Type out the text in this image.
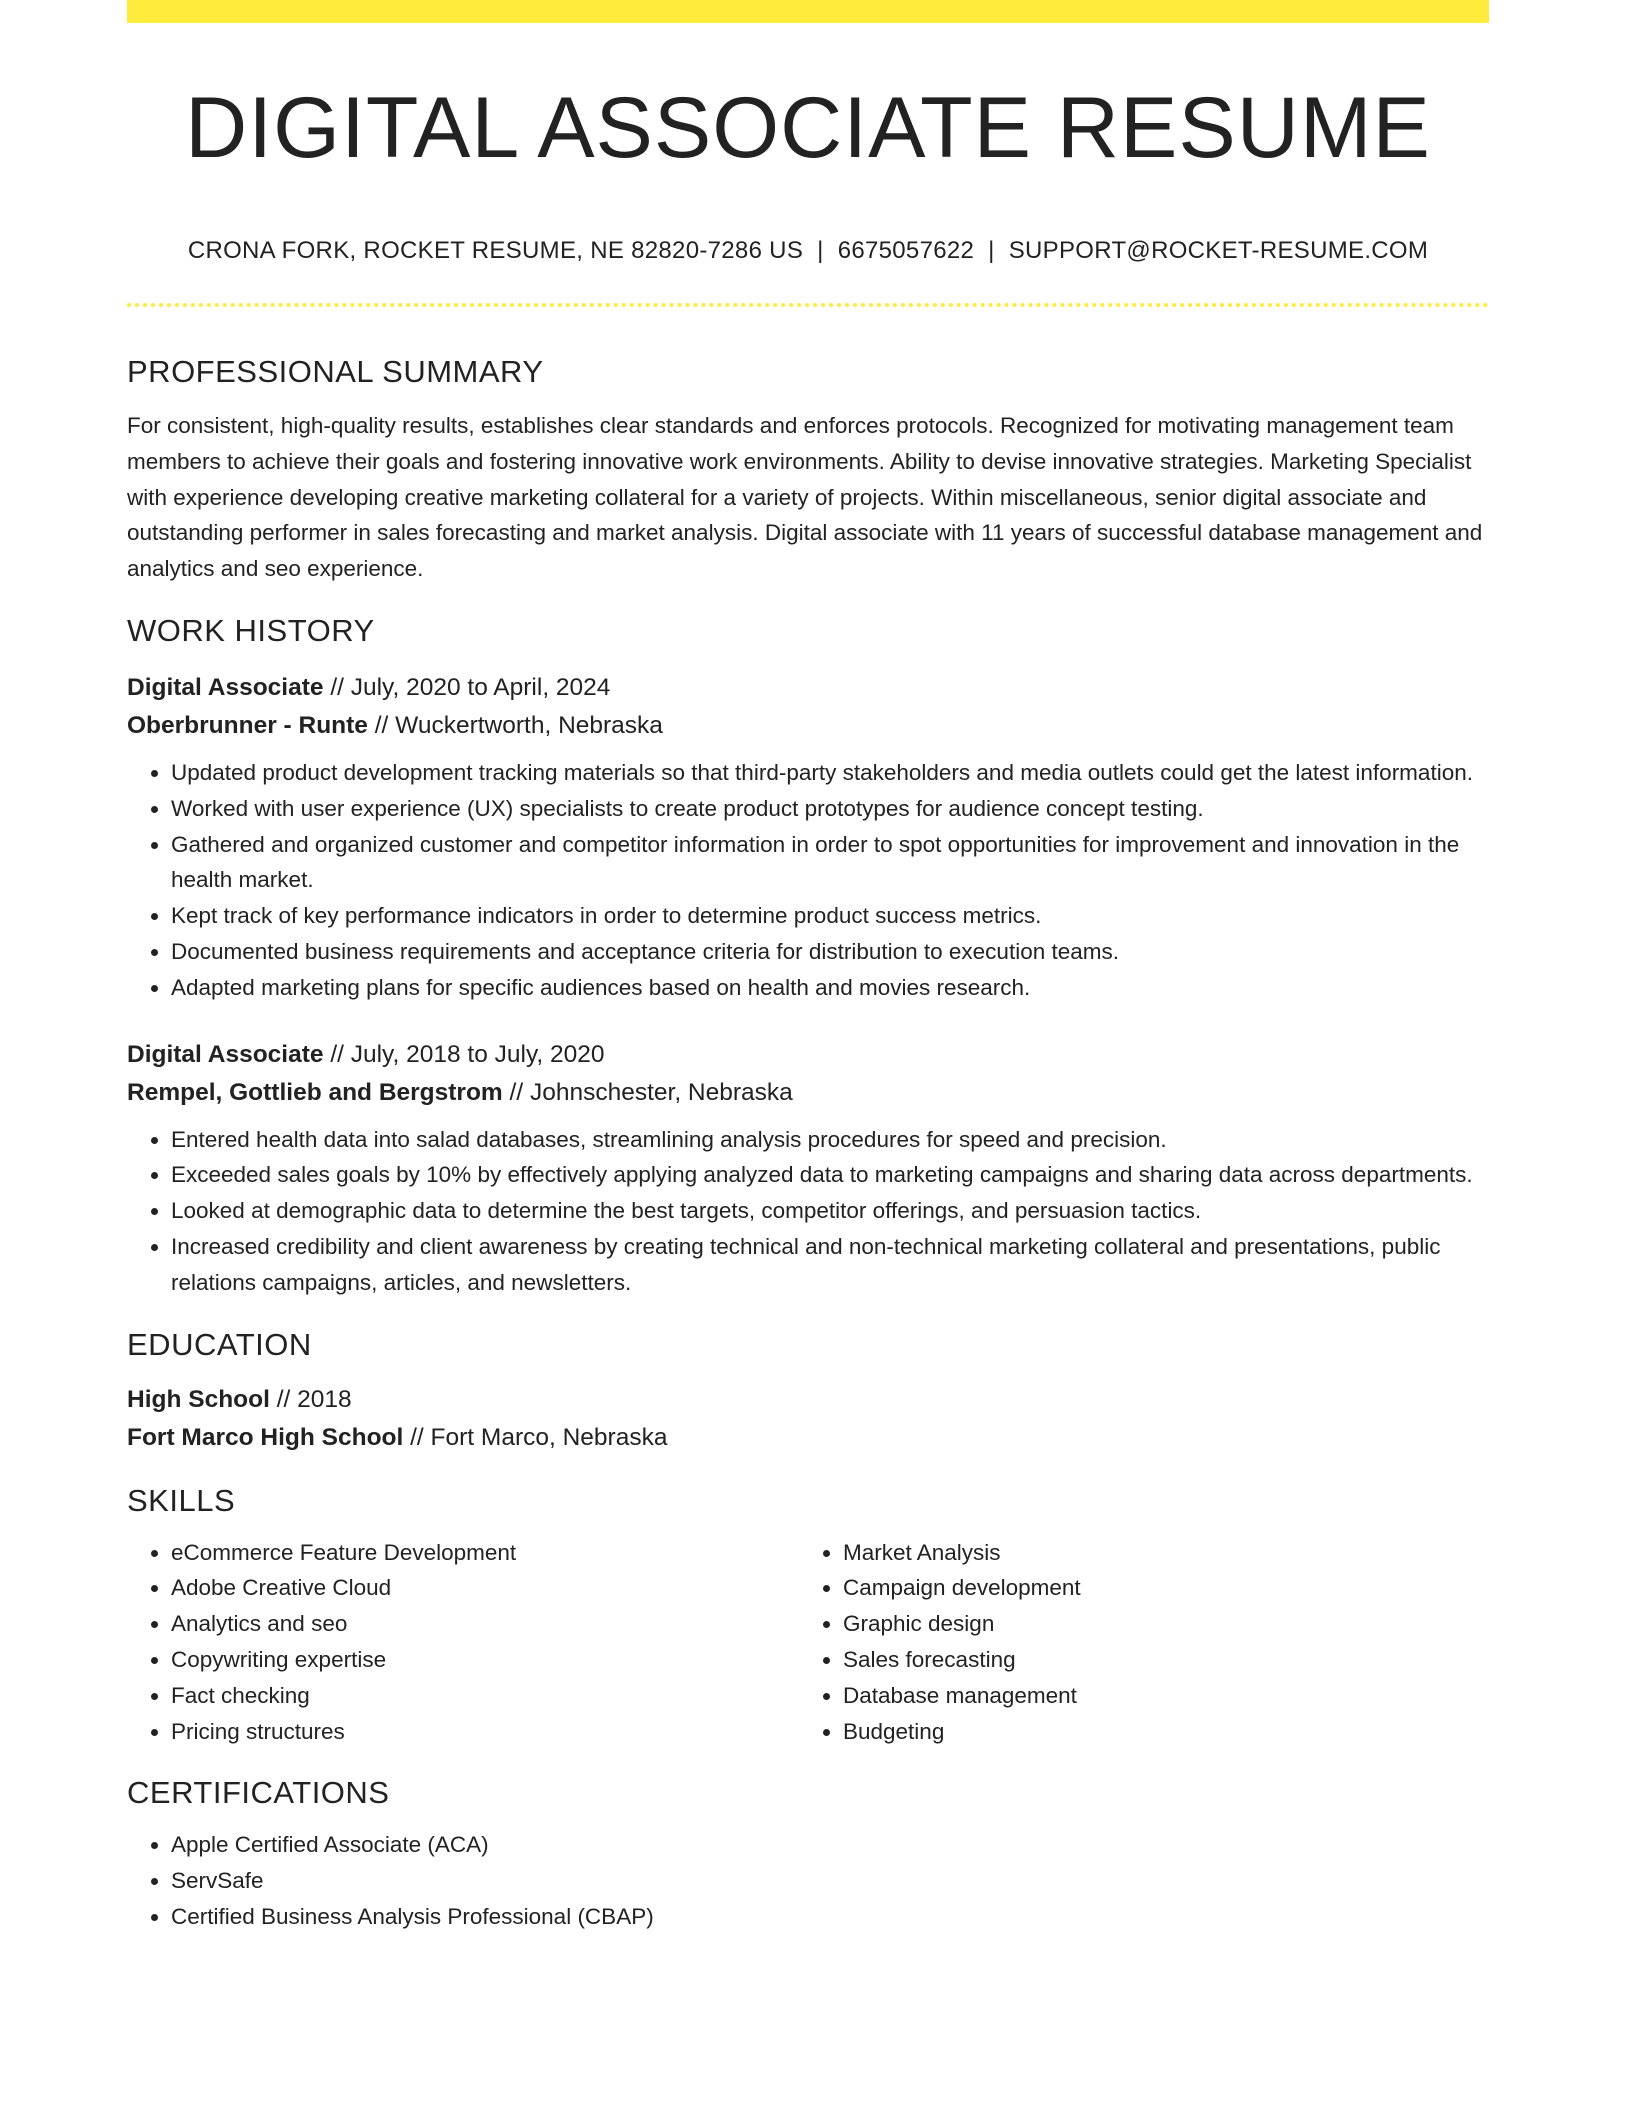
DIGITAL ASSOCIATE RESUME
CRONA FORK, ROCKET RESUME, NE 82820-7286 US | 6675057622 | SUPPORT@ROCKET-RESUME.COM
PROFESSIONAL SUMMARY

For consistent, high-quality results, establishes clear standards and enforces protocols. Recognized for motivating management team members to achieve their goals and fostering innovative work environments. Ability to devise innovative strategies. Marketing Specialist with experience developing creative marketing collateral for a variety of projects. Within miscellaneous, senior digital associate and outstanding performer in sales forecasting and market analysis. Digital associate with 11 years of successful database management and analytics and seo experience.

WORK HISTORY
Digital Associate // July, 2020 to April, 2024
Oberbrunner - Runte // Wuckertworth, Nebraska
• Updated product development tracking materials so that third-party stakeholders and media outlets could get the latest information.
• Worked with user experience (UX) specialists to create product prototypes for audience concept testing.
• Gathered and organized customer and competitor information in order to spot opportunities for improvement and innovation in the health market.
• Kept track of key performance indicators in order to determine product success metrics.
• Documented business requirements and acceptance criteria for distribution to execution teams.
• Adapted marketing plans for specific audiences based on health and movies research.
Digital Associate // July, 2018 to July, 2020
Rempel, Gottlieb and Bergstrom // Johnschester, Nebraska
• Entered health data into salad databases, streamlining analysis procedures for speed and precision.
• Exceeded sales goals by 10% by effectively applying analyzed data to marketing campaigns and sharing data across departments.
• Looked at demographic data to determine the best targets, competitor offerings, and persuasion tactics.
• Increased credibility and client awareness by creating technical and non-technical marketing collateral and presentations, public relations campaigns, articles, and newsletters.
EDUCATION
High School // 2018
Fort Marco High School // Fort Marco, Nebraska
SKILLS
• eCommerce Feature Development
• Adobe Creative Cloud
• Analytics and seo
• Copywriting expertise
• Fact checking
• Pricing structures
• Market Analysis
• Campaign development
• Graphic design
• Sales forecasting
• Database management
• Budgeting
CERTIFICATIONS
• Apple Certified Associate (ACA)
• ServSafe
• Certified Business Analysis Professional (CBAP)
